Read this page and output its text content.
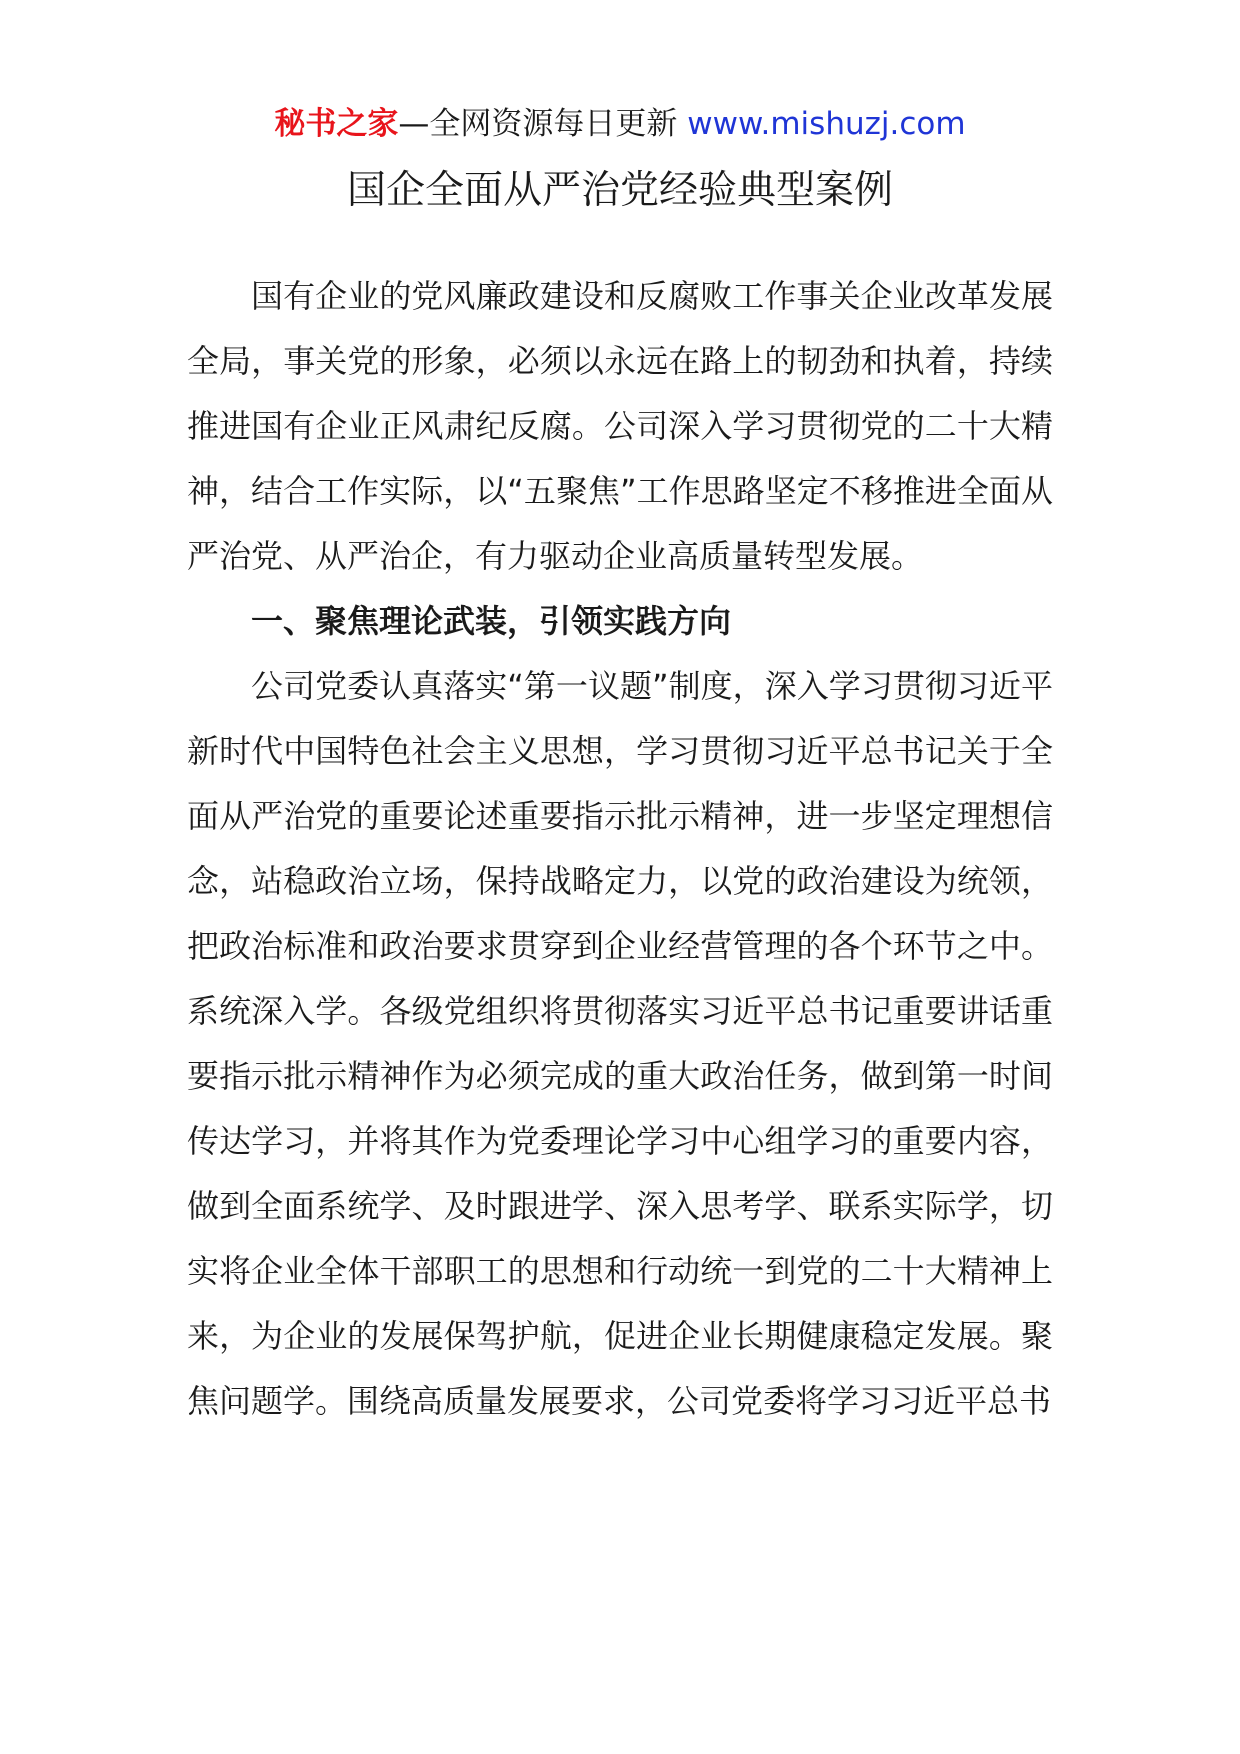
秘书之家—全网资源每日更新 www.mishuzj.com
国企全面从严治党经验典型案例

国有企业的党风廉政建设和反腐败工作事关企业改革发展全局，事关党的形象，必须以永远在路上的韧劲和执着，持续推进国有企业正风肃纪反腐。公司深入学习贯彻党的二十大精神，结合工作实际，以“五聚焦”工作思路坚定不移推进全面从严治党、从严治企，有力驱动企业高质量转型发展。

一、聚焦理论武装，引领实践方向

公司党委认真落实“第一议题”制度，深入学习贯彻习近平新时代中国特色社会主义思想，学习贯彻习近平总书记关于全面从严治党的重要论述重要指示批示精神，进一步坚定理想信念，站稳政治立场，保持战略定力，以党的政治建设为统领，把政治标准和政治要求贯穿到企业经营管理的各个环节之中。系统深入学。各级党组织将贯彻落实习近平总书记重要讲话重要指示批示精神作为必须完成的重大政治任务，做到第一时间传达学习，并将其作为党委理论学习中心组学习的重要内容，做到全面系统学、及时跟进学、深入思考学、联系实际学，切实将企业全体干部职工的思想和行动统一到党的二十大精神上来，为企业的发展保驾护航，促进企业长期健康稳定发展。聚焦问题学。围绕高质量发展要求，公司党委将学习习近平总书
